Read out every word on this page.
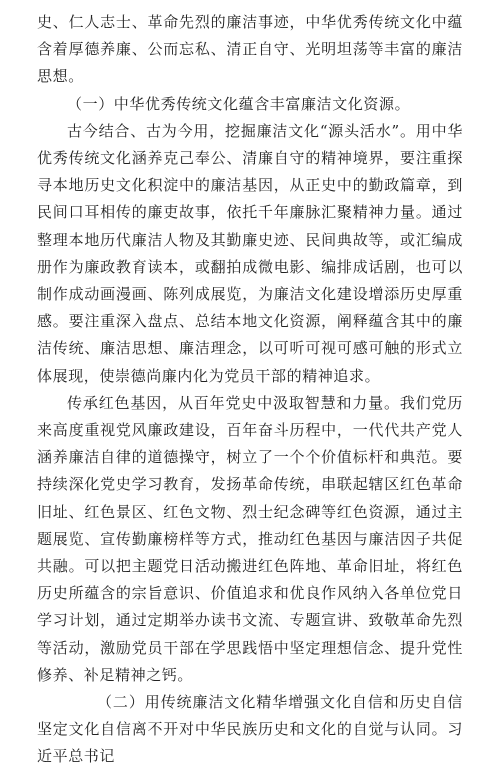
史、仁人志士、革命先烈的廉洁事迹，中华优秀传统文化中蕴含着厚德养廉、公而忘私、清正自守、光明坦荡等丰富的廉洁思想。

（一）中华优秀传统文化蕴含丰富廉洁文化资源。

古今结合、古为今用，挖掘廉洁文化“源头活水”。用中华优秀传统文化涵养克己奉公、清廉自守的精神境界，要注重探寻本地历史文化积淀中的廉洁基因，从正史中的勤政篇章，到民间口耳相传的廉吏故事，依托千年廉脉汇聚精神力量。通过整理本地历代廉洁人物及其勤廉史迹、民间典故等，或汇编成册作为廉政教育读本，或翻拍成微电影、编排成话剧，也可以制作成动画漫画、陈列成展览，为廉洁文化建设增添历史厚重感。要注重深入盘点、总结本地文化资源，阐释蕴含其中的廉洁传统、廉洁思想、廉洁理念，以可听可视可感可触的形式立体展现，使崇德尚廉内化为党员干部的精神追求。

传承红色基因，从百年党史中汲取智慧和力量。我们党历来高度重视党风廉政建设，百年奋斗历程中，一代代共产党人涵养廉洁自律的道德操守，树立了一个个价值标杆和典范。要持续深化党史学习教育，发扬革命传统，串联起辖区红色革命旧址、红色景区、红色文物、烈士纪念碑等红色资源，通过主题展览、宣传勤廉榜样等方式，推动红色基因与廉洁因子共促共融。可以把主题党日活动搬进红色阵地、革命旧址，将红色历史所蕴含的宗旨意识、价值追求和优良作风纳入各单位党日学习计划，通过定期举办读书文流、专题宣讲、致敬革命先烈等活动，激励党员干部在学思践悟中坚定理想信念、提升党性修养、补足精神之钙。

（二）用传统廉洁文化精华增强文化自信和历史自信坚定文化自信离不开对中华民族历史和文化的自觉与认同。习近平总书记
